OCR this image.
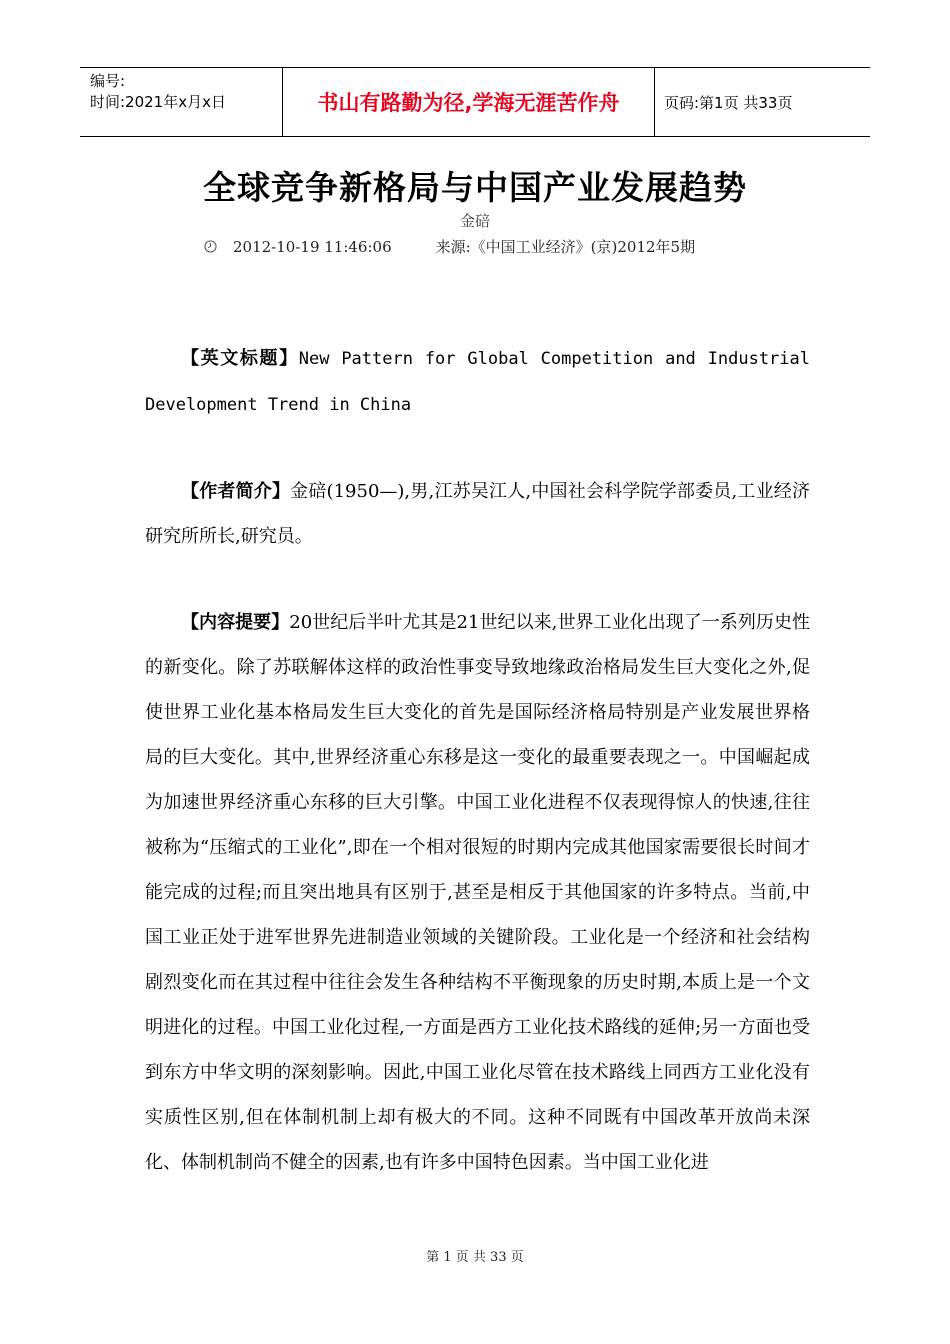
编号:
时间:2021年x月x日	书山有路勤为径,学海无涯苦作舟	页码:第1页 共33页
全球竞争新格局与中国产业发展趋势
金碚
2012-10-19 11:46:06	来源:《中国工业经济》(京)2012年5期

【英文标题】New Pattern for Global Competition and Industrial Development Trend in China

【作者简介】金碚(1950—),男,江苏吴江人,中国社会科学院学部委员,工业经济研究所所长,研究员。

【内容提要】20世纪后半叶尤其是21世纪以来,世界工业化出现了一系列历史性的新变化。除了苏联解体这样的政治性事变导致地缘政治格局发生巨大变化之外,促使世界工业化基本格局发生巨大变化的首先是国际经济格局特别是产业发展世界格局的巨大变化。其中,世界经济重心东移是这一变化的最重要表现之一。中国崛起成为加速世界经济重心东移的巨大引擎。中国工业化进程不仅表现得惊人的快速,往往被称为“压缩式的工业化”,即在一个相对很短的时期内完成其他国家需要很长时间才能完成的过程;而且突出地具有区别于,甚至是相反于其他国家的许多特点。当前,中国工业正处于进军世界先进制造业领域的关键阶段。工业化是一个经济和社会结构剧烈变化而在其过程中往往会发生各种结构不平衡现象的历史时期,本质上是一个文明进化的过程。中国工业化过程,一方面是西方工业化技术路线的延伸;另一方面也受到东方中华文明的深刻影响。因此,中国工业化尽管在技术路线上同西方工业化没有实质性区别,但在体制机制上却有极大的不同。这种不同既有中国改革开放尚未深化、体制机制尚不健全的因素,也有许多中国特色因素。当中国工业化进

第 1 页 共 33 页
